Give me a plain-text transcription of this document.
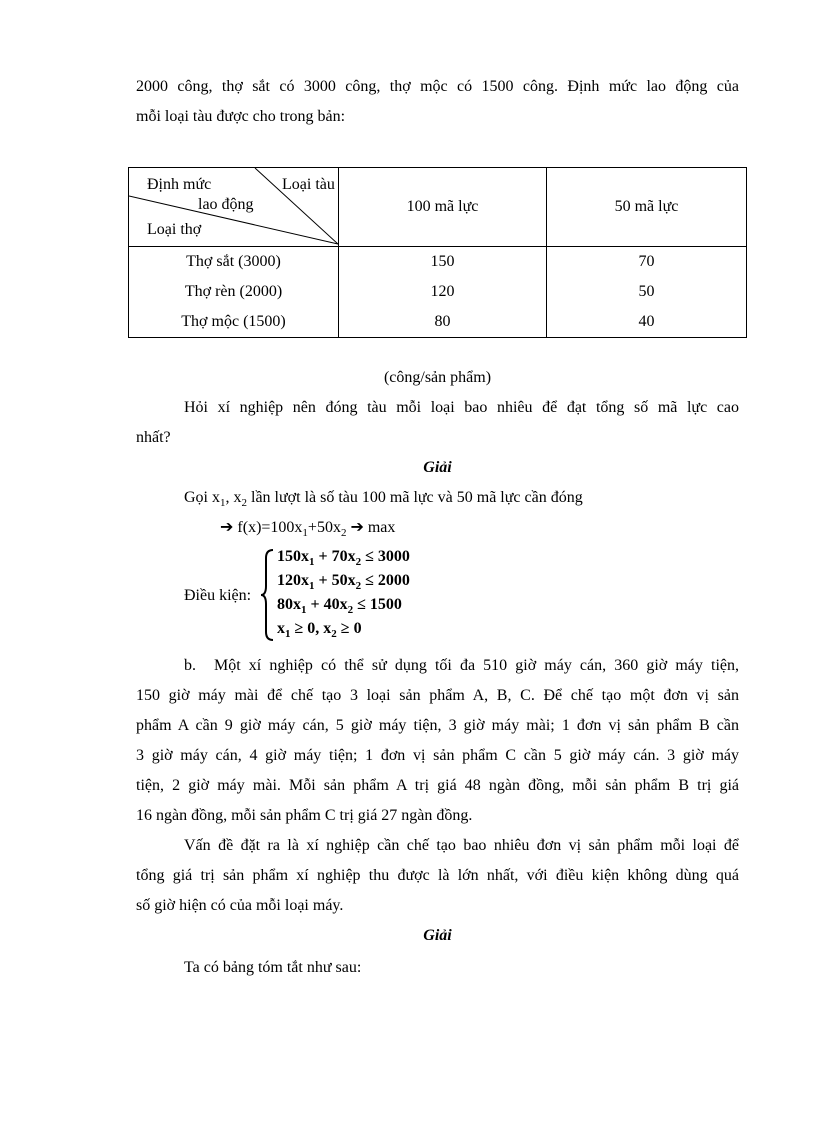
2000 công, thợ sắt có 3000 công, thợ mộc có 1500 công. Định mức lao động của
mỗi loại tàu được cho trong bản:
Định mức
lao động
Loại tàu
Loại thợ	100 mã lực	50 mã lực
Thợ sắt (3000)	150	70
Thợ rèn (2000)	120	50
Thợ mộc (1500)	80	40
(công/sản phẩm)
Hỏi xí nghiệp nên đóng tàu mỗi loại bao nhiêu để đạt tổng số mã lực cao
nhất?
Giải
Gọi $x_1$, $x_2$ lần lượt là số tàu 100 mã lực và 50 mã lực cần đóng
➔ $f(x)=100x_1+50x_2$ ➔ max
Điều kiện:
$150x_1 + 70x_2 \le 3000$
$120x_1 + 50x_2 \le 2000$
$80x_1 + 40x_2 \le 1500$
$x_1 \ge 0$, $x_2 \ge 0$
b.	Một xí nghiệp có thể sử dụng tối đa 510 giờ máy cán, 360 giờ máy tiện,
150 giờ máy mài để chế tạo 3 loại sản phẩm A, B, C. Để chế tạo một đơn vị sản
phẩm A cần 9 giờ máy cán, 5 giờ máy tiện, 3 giờ máy mài; 1 đơn vị sản phẩm B cần
3 giờ máy cán, 4 giờ máy tiện; 1 đơn vị sản phẩm C cần 5 giờ máy cán. 3 giờ máy
tiện, 2 giờ máy mài. Mỗi sản phẩm A trị giá 48 ngàn đồng, mỗi sản phẩm B trị giá
16 ngàn đồng, mỗi sản phẩm C trị giá 27 ngàn đồng.
Vấn đề đặt ra là xí nghiệp cần chế tạo bao nhiêu đơn vị sản phẩm mỗi loại để
tổng giá trị sản phẩm xí nghiệp thu được là lớn nhất, với điều kiện không dùng quá
số giờ hiện có của mỗi loại máy.
Giải
Ta có bảng tóm tắt như sau:
